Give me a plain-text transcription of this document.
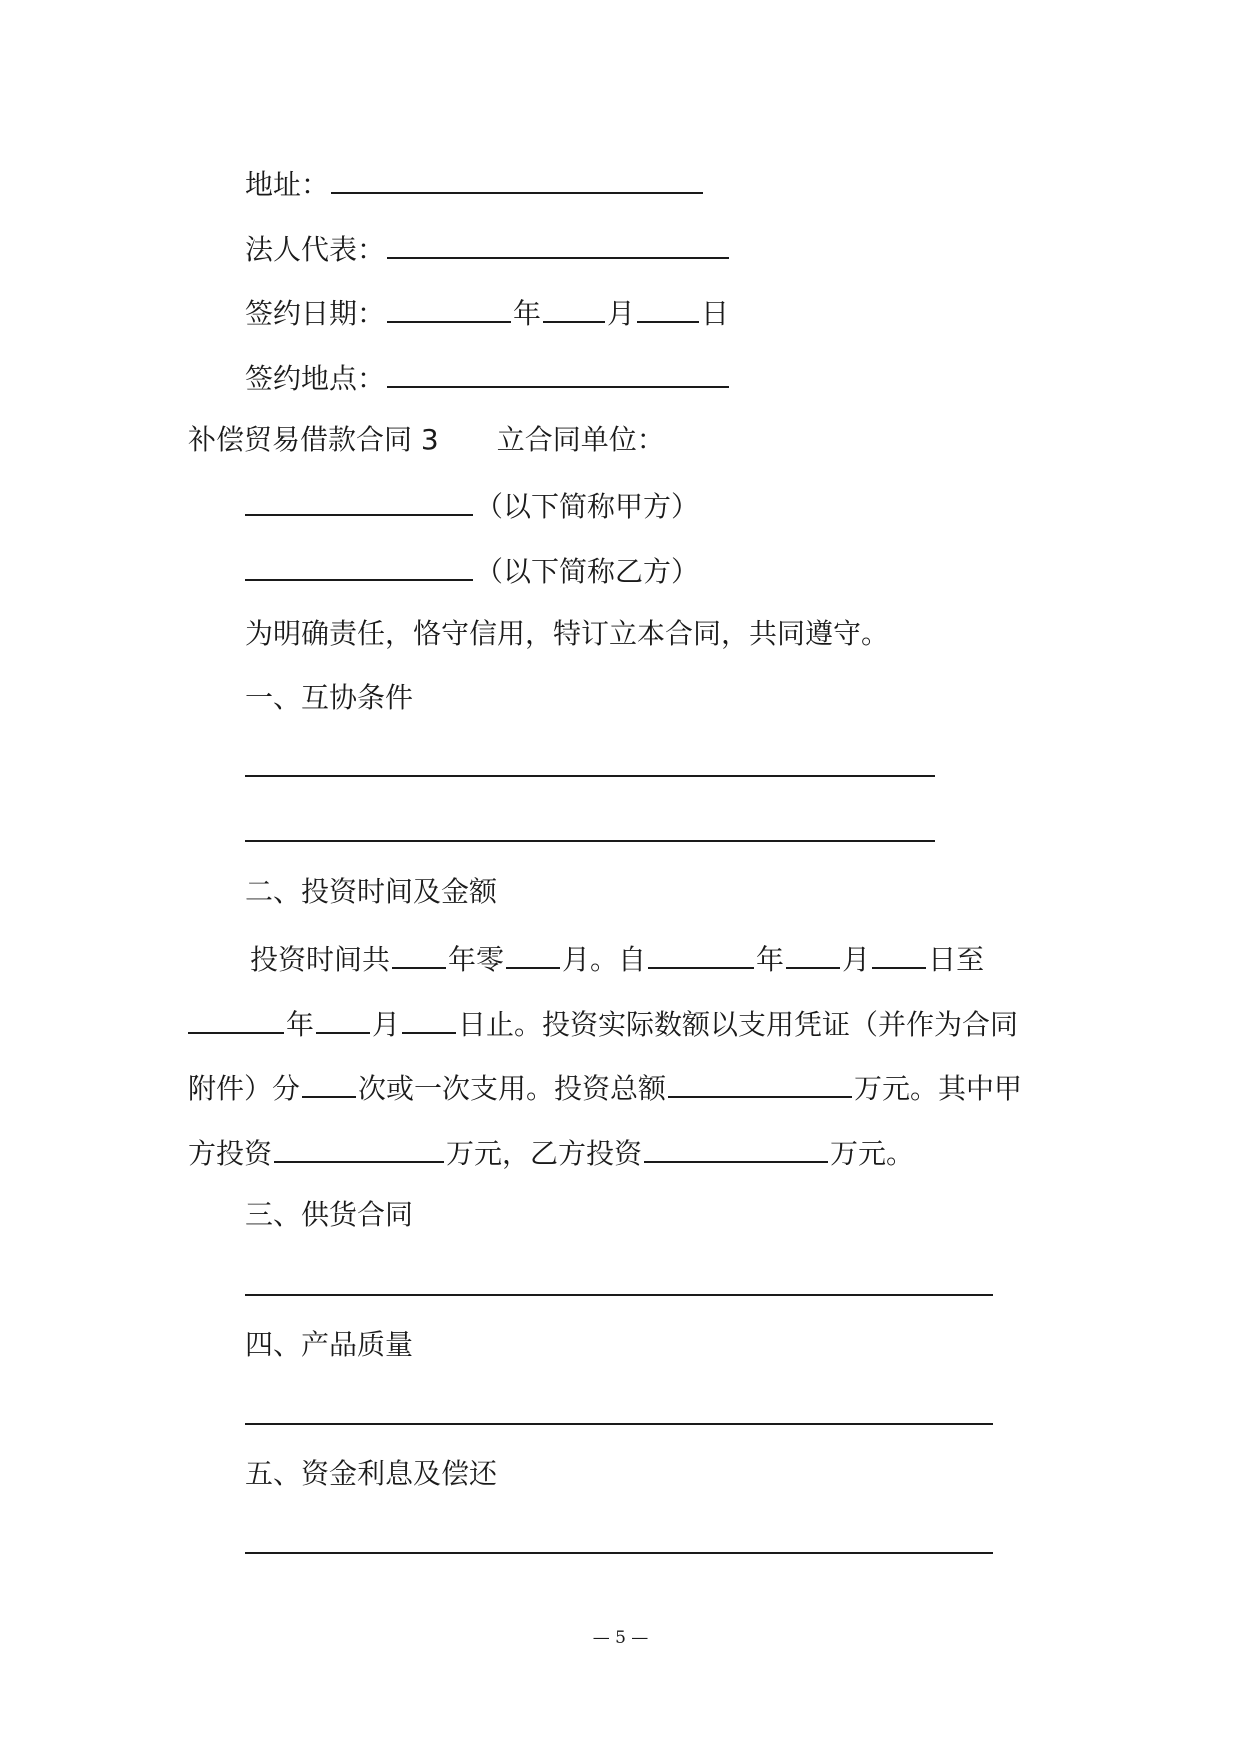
地址：
法人代表：
签约日期：	年 月 日
签约地点：
补偿贸易借款合同 3 立合同单位：
（以下简称甲方）
（以下简称乙方）
为明确责任，恪守信用，特订立本合同，共同遵守。
一、互协条件
二、投资时间及金额
投资时间共 年零 月。自	年 月 日至
年 月 日止。投资实际数额以支用凭证（并作为合同
附件）分 次或一次支用。投资总额	万元。其中甲
方投资	万元，乙方投资	万元。
三、供货合同
四、产品质量
五、资金利息及偿还
— 5 —
